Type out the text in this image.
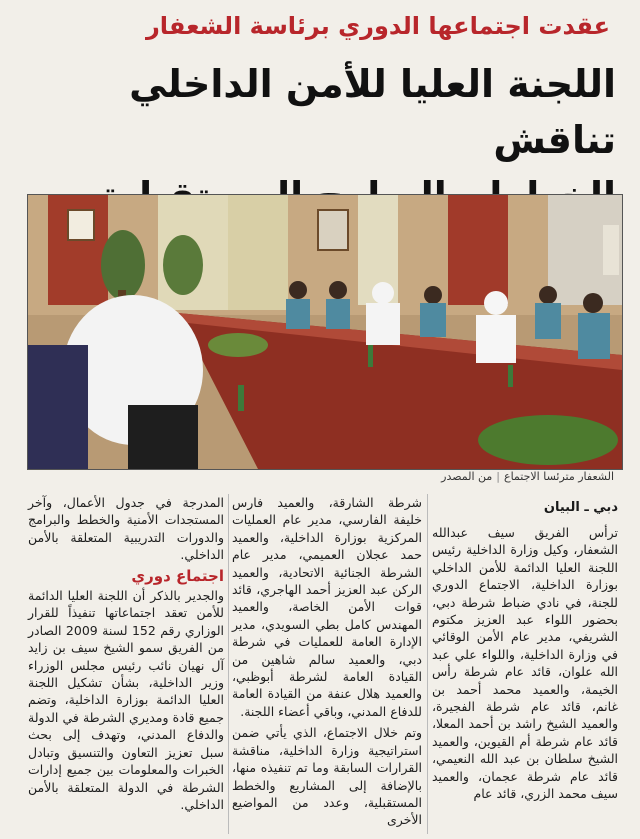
عقدت اجتماعها الدوري برئاسة الشعفار
اللجنة العليا للأمن الداخلي تناقش
الشعفار مترئسا الاجتماع|من المصدر
دبي ـ البيان

ترأس الفريق سيف عبدالله الشعفار، وكيل وزارة الداخلية رئيس اللجنة العليا الدائمة للأمن الداخلي بوزارة الداخلية، الاجتماع الدوري للجنة، في نادي ضباط شرطة دبي، بحضور اللواء عبد العزيز مكتوم الشريفي، مدير عام الأمن الوقائي في وزارة الداخلية، واللواء علي عبد الله علوان، قائد عام شرطة رأس الخيمة، والعميد محمد أحمد بن غانم، قائد عام شرطة الفجيرة، والعميد الشيخ راشد بن أحمد المعلا، قائد عام شرطة أم القيوين، والعميد الشيخ سلطان بن عبد الله النعيمي، قائد عام شرطة عجمان، والعميد سيف محمد الزري، قائد عام

شرطة الشارقة، والعميد فارس خليفة الفارسي، مدير عام العمليات المركزية بوزارة الداخلية، والعميد حمد عجلان العميمي، مدير عام الشرطة الجنائية الاتحادية، والعميد الركن عبد العزيز أحمد الهاجري، قائد قوات الأمن الخاصة، والعميد المهندس كامل بطي السويدي، مدير الإدارة العامة للعمليات في شرطة دبي، والعميد سالم شاهين من القيادة العامة لشرطة أبوظبي، والعميد هلال عنفة من القيادة العامة للدفاع المدني، وباقي أعضاء اللجنة.

وتم خلال الاجتماع، الذي يأتي ضمن استراتيجية وزارة الداخلية، مناقشة القرارات السابقة وما تم تنفيذه منها، بالإضافة إلى المشاريع والخطط المستقبلية، وعدد من المواضيع الأخرى

المدرجة في جدول الأعمال، وآخر المستجدات الأمنية والخطط والبرامج والدورات التدريبية المتعلقة بالأمن الداخلي.

اجتماع دوري

والجدير بالذكر أن اللجنة العليا الدائمة للأمن تعقد اجتماعاتها تنفيذاً للقرار الوزاري رقم 152 لسنة 2009 الصادر من الفريق سمو الشيخ سيف بن زايد آل نهيان نائب رئيس مجلس الوزراء وزير الداخلية، بشأن تشكيل اللجنة العليا الدائمة بوزارة الداخلية، وتضم جميع قادة ومديري الشرطة في الدولة والدفاع المدني، وتهدف إلى بحث سبل تعزيز التعاون والتنسيق وتبادل الخبرات والمعلومات بين جميع إدارات الشرطة في الدولة المتعلقة بالأمن الداخلي.
